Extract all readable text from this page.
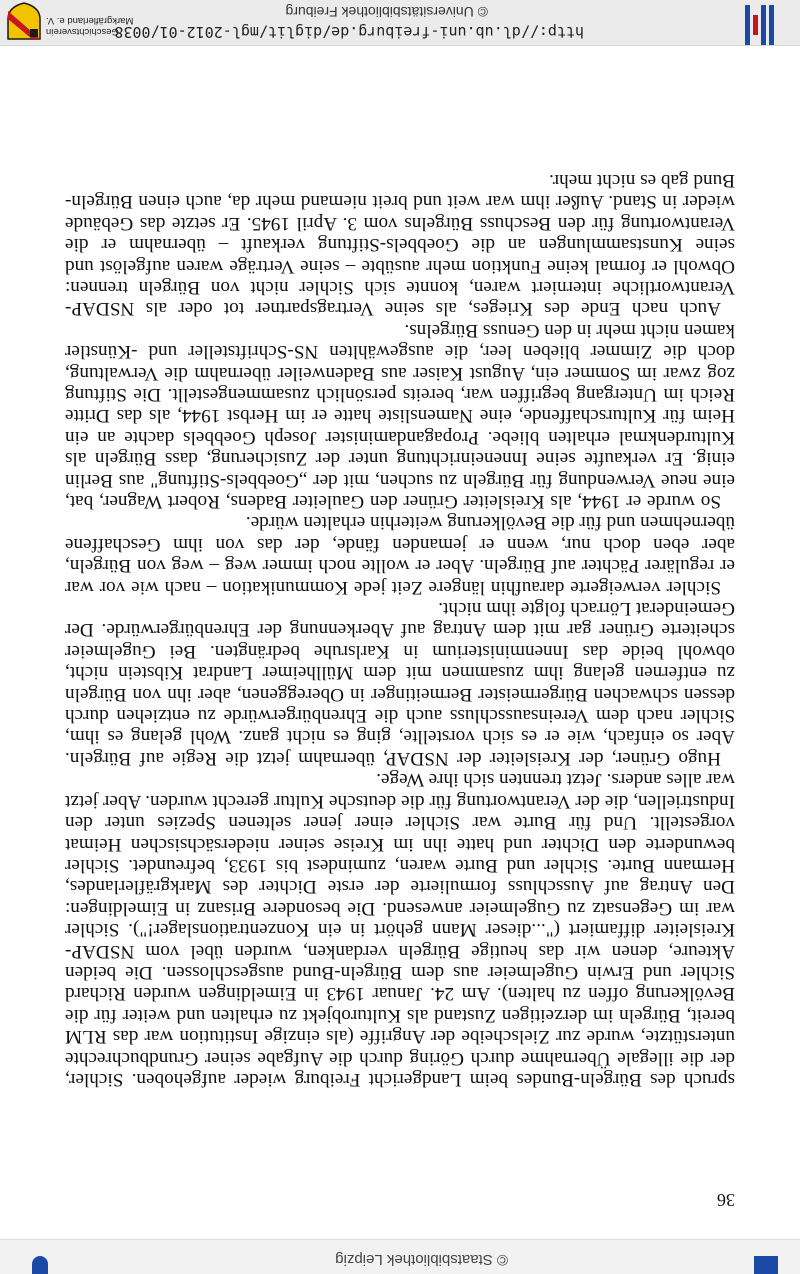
© Staatsbibliothek Leipzig
36

spruch des Bürgeln-Bundes beim Landgericht Freiburg wieder aufgehoben. Sichler, der die illegale Übernahme durch Göring durch die Aufgabe seiner Grundbuchrechte unterstützte, wurde zur Zielscheibe der Angriffe (als einzige Institution war das RLM bereit, Bürgeln im derzeitigen Zustand als Kulturobjekt zu erhalten und weiter für die Bevölkerung offen zu halten). Am 24. Januar 1943 in Eimeldingen wurden Richard Sichler und Erwin Gugelmeier aus dem Bürgeln-Bund ausgeschlossen. Die beiden Akteure, denen wir das heutige Bürgeln verdanken, wurden übel vom NSDAP-Kreisleiter diffamiert ("...dieser Mann gehört in ein Konzentrationslager!"). Sichler war im Gegensatz zu Gugelmeier anwesend. Die besondere Brisanz in Eimeldingen: Den Antrag auf Ausschluss formulierte der erste Dichter des Markgräflerlandes, Hermann Burte. Sichler und Burte waren, zumindest bis 1933, befreundet. Sichler bewunderte den Dichter und hatte ihn im Kreise seiner niedersächsischen Heimat vorgestellt. Und für Burte war Sichler einer jener seltenen Spezies unter den Industriellen, die der Verantwortung für die deutsche Kultur gerecht wurden. Aber jetzt war alles anders. Jetzt trennten sich ihre Wege.

Hugo Grüner, der Kreisleiter der NSDAP, übernahm jetzt die Regie auf Bürgeln. Aber so einfach, wie er es sich vorstellte, ging es nicht ganz. Wohl gelang es ihm, Sichler nach dem Vereinsausschluss auch die Ehrenbürgerwürde zu entziehen durch dessen schwachen Bürgermeister Bermeitinger in Obereggenen, aber ihn von Bürgeln zu entfernen gelang ihm zusammen mit dem Müllheimer Landrat Kibstein nicht, obwohl beide das Innenministerium in Karlsruhe bedrängten. Bei Gugelmeier scheiterte Grüner gar mit dem Antrag auf Aberkennung der Ehrenbürgerwürde. Der Gemeinderat Lörrach folgte ihm nicht.

Sichler verweigerte daraufhin längere Zeit jede Kommunikation – nach wie vor war er regulärer Pächter auf Bürgeln. Aber er wollte noch immer weg – weg von Bürgeln, aber eben doch nur, wenn er jemanden fände, der das von ihm Geschaffene übernehmen und für die Bevölkerung weiterhin erhalten würde.

So wurde er 1944, als Kreisleiter Grüner den Gauleiter Badens, Robert Wagner, bat, eine neue Verwendung für Bürgeln zu suchen, mit der „Goebbels-Stiftung" aus Berlin einig. Er verkaufte seine Inneneinrichtung unter der Zusicherung, dass Bürgeln als Kulturdenkmal erhalten bliebe. Propagandaminister Joseph Goebbels dachte an ein Heim für Kulturschaffende, eine Namensliste hatte er im Herbst 1944, als das Dritte Reich im Untergang begriffen war, bereits persönlich zusammengestellt. Die Stiftung zog zwar im Sommer ein, August Kaiser aus Badenweiler übernahm die Verwaltung, doch die Zimmer blieben leer, die ausgewählten NS-Schriftsteller und -Künstler kamen nicht mehr in den Genuss Bürgelns.

Auch nach Ende des Krieges, als seine Vertragspartner tot oder als NSDAP-Verantwortliche interniert waren, konnte sich Sichler nicht von Bürgeln trennen: Obwohl er formal keine Funktion mehr ausübte – seine Verträge waren aufgelöst und seine Kunstsammlungen an die Goebbels-Stiftung verkauft – übernahm er die Verantwortung für den Beschuss Bürgelns vom 3. April 1945. Er setzte das Gebäude wieder in Stand. Außer ihm war weit und breit niemand mehr da, auch einen Bürgeln-Bund gab es nicht mehr.

http://dl.ub.uni-freiburg.de/diglit/mgl-2012-01/0038
© Universitätsbibliothek Freiburg
Geschichtsverein
Markgräflerland e. V.
